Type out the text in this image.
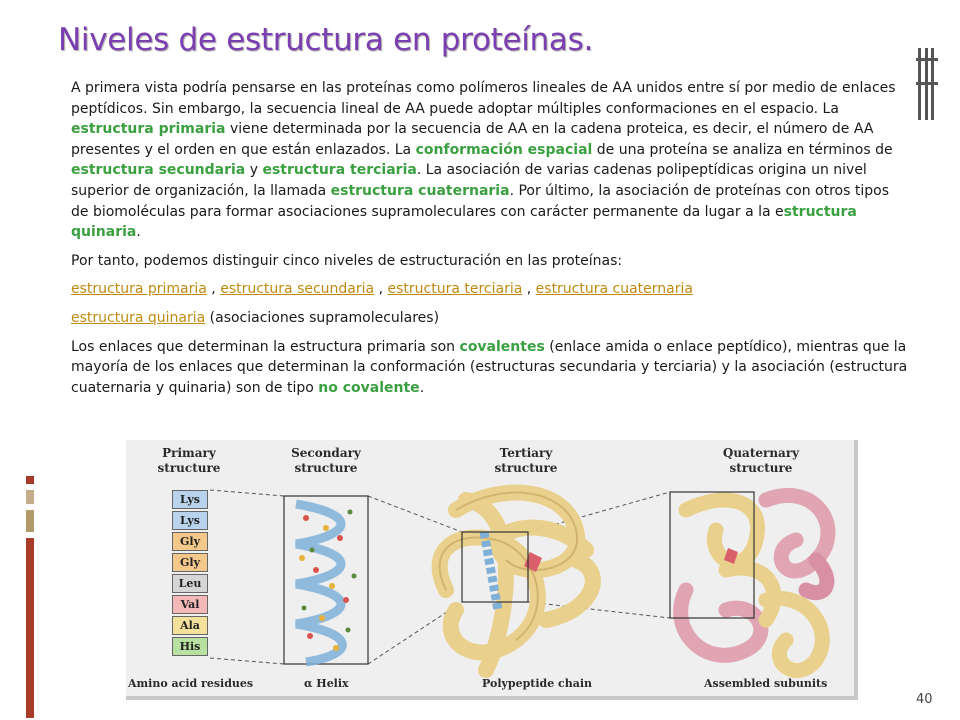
Niveles de estructura en proteínas.

A primera vista podría pensarse en las proteínas como polímeros lineales de AA unidos entre sí por medio de enlaces peptídicos. Sin embargo, la secuencia lineal de AA puede adoptar múltiples conformaciones en el espacio. La estructura primaria viene determinada por la secuencia de AA en la cadena proteica, es decir, el número de AA presentes y el orden en que están enlazados. La conformación espacial de una proteína se analiza en términos de estructura secundaria y estructura terciaria. La asociación de varias cadenas polipeptídicas origina un nivel superior de organización, la llamada estructura cuaternaria. Por último, la asociación de proteínas con otros tipos de biomoléculas para formar asociaciones supramoleculares con carácter permanente da lugar a la estructura quinaria.

Por tanto, podemos distinguir cinco niveles de estructuración en las proteínas:

estructura primaria , estructura secundaria , estructura terciaria , estructura cuaternaria

estructura quinaria (asociaciones supramoleculares)

Los enlaces que determinan la estructura primaria son covalentes (enlace amida o enlace peptídico), mientras que la mayoría de los enlaces que determinan la conformación (estructuras secundaria y terciaria) y la asociación (estructura cuaternaria y quinaria) son de tipo no covalente.

Primary
structure
Secondary
structure
Tertiary
structure
Quaternary
structure
Lys
Lys
Gly
Gly
Leu
Val
Ala
His
Amino acid residues	α Helix	Polypeptide chain	Assembled subunits
40
